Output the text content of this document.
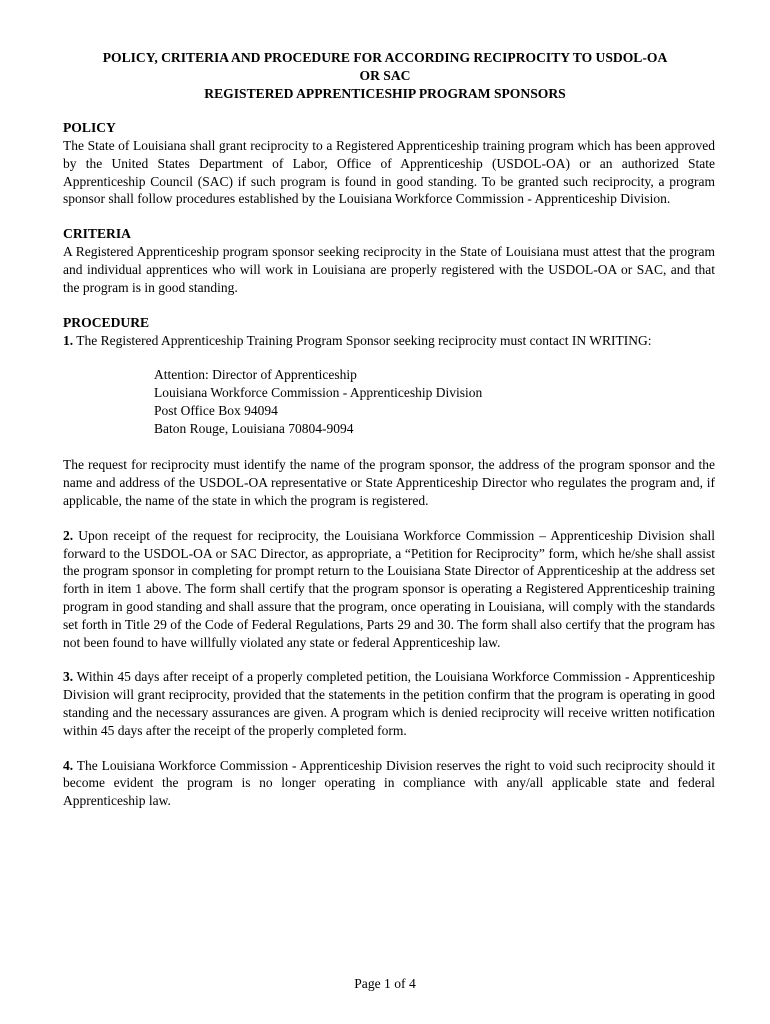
POLICY, CRITERIA AND PROCEDURE FOR ACCORDING RECIPROCITY TO USDOL-OA
OR SAC
REGISTERED APPRENTICESHIP PROGRAM SPONSORS
POLICY

The State of Louisiana shall grant reciprocity to a Registered Apprenticeship training program which has been approved by the United States Department of Labor, Office of Apprenticeship (USDOL-OA) or an authorized State Apprenticeship Council (SAC) if such program is found in good standing. To be granted such reciprocity, a program sponsor shall follow procedures established by the Louisiana Workforce Commission - Apprenticeship Division.

CRITERIA

A Registered Apprenticeship program sponsor seeking reciprocity in the State of Louisiana must attest that the program and individual apprentices who will work in Louisiana are properly registered with the USDOL-OA or SAC, and that the program is in good standing.

PROCEDURE

1. The Registered Apprenticeship Training Program Sponsor seeking reciprocity must contact IN WRITING:

Attention: Director of Apprenticeship
Louisiana Workforce Commission - Apprenticeship Division
Post Office Box 94094
Baton Rouge, Louisiana 70804-9094

The request for reciprocity must identify the name of the program sponsor, the address of the program sponsor and the name and address of the USDOL-OA representative or State Apprenticeship Director who regulates the program and, if applicable, the name of the state in which the program is registered.

2. Upon receipt of the request for reciprocity, the Louisiana Workforce Commission – Apprenticeship Division shall forward to the USDOL-OA or SAC Director, as appropriate, a “Petition for Reciprocity” form, which he/she shall assist the program sponsor in completing for prompt return to the Louisiana State Director of Apprenticeship at the address set forth in item 1 above. The form shall certify that the program sponsor is operating a Registered Apprenticeship training program in good standing and shall assure that the program, once operating in Louisiana, will comply with the standards set forth in Title 29 of the Code of Federal Regulations, Parts 29 and 30. The form shall also certify that the program has not been found to have willfully violated any state or federal Apprenticeship law.

3. Within 45 days after receipt of a properly completed petition, the Louisiana Workforce Commission - Apprenticeship Division will grant reciprocity, provided that the statements in the petition confirm that the program is operating in good standing and the necessary assurances are given. A program which is denied reciprocity will receive written notification within 45 days after the receipt of the properly completed form.

4. The Louisiana Workforce Commission - Apprenticeship Division reserves the right to void such reciprocity should it become evident the program is no longer operating in compliance with any/all applicable state and federal Apprenticeship law.

Page 1 of 4
